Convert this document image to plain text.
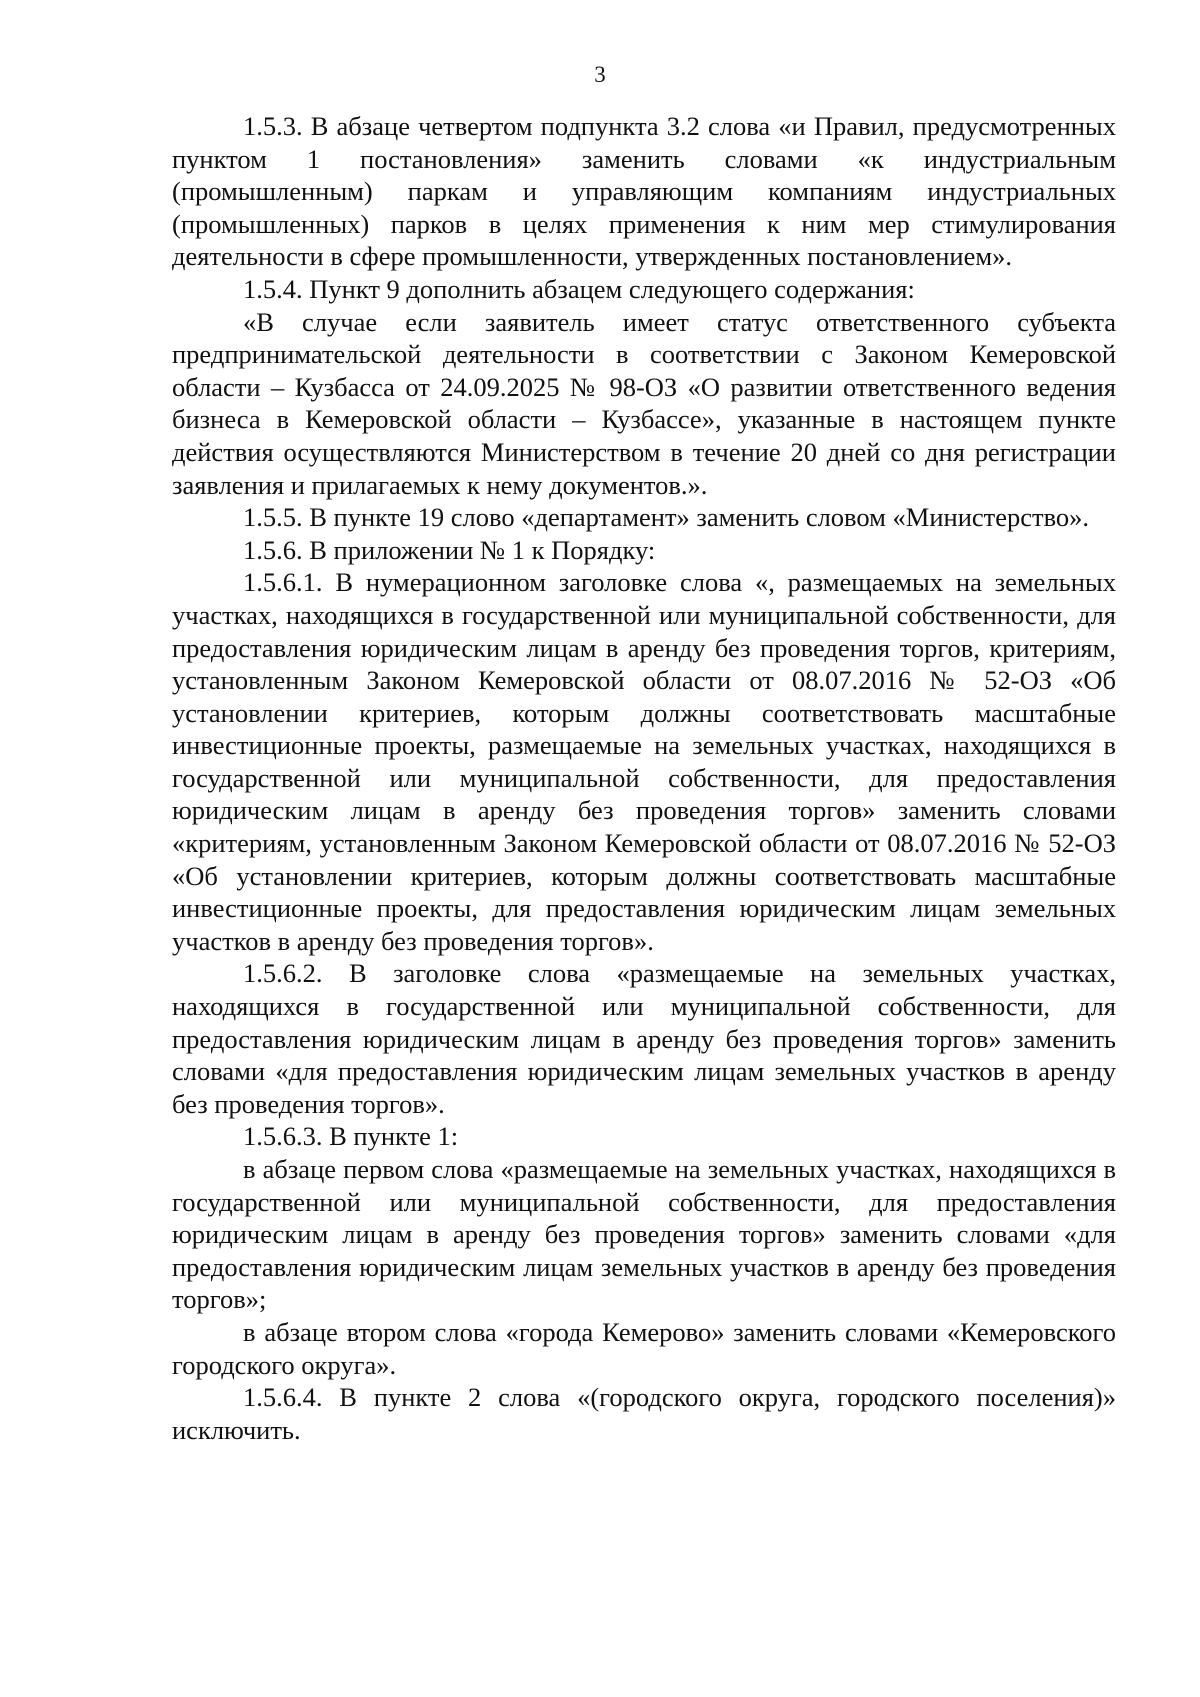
3

1.5.3. В абзаце четвертом подпункта 3.2 слова «и Правил, предусмотренных пунктом 1 постановления» заменить словами «к индустриальным (промышленным) паркам и управляющим компаниям индустриальных (промышленных) парков в целях применения к ним мер стимулирования деятельности в сфере промышленности, утвержденных постановлением».

1.5.4. Пункт 9 дополнить абзацем следующего содержания:

«В случае если заявитель имеет статус ответственного субъекта предпринимательской деятельности в соответствии с Законом Кемеровской области – Кузбасса от 24.09.2025 № 98-ОЗ «О развитии ответственного ведения бизнеса в Кемеровской области – Кузбассе», указанные в настоящем пункте действия осуществляются Министерством в течение 20 дней со дня регистрации заявления и прилагаемых к нему документов.».

1.5.5. В пункте 19 слово «департамент» заменить словом «Министерство».

1.5.6. В приложении № 1 к Порядку:

1.5.6.1. В нумерационном заголовке слова «, размещаемых на земельных участках, находящихся в государственной или муниципальной собственности, для предоставления юридическим лицам в аренду без проведения торгов, критериям, установленным Законом Кемеровской области от 08.07.2016 № 52-ОЗ «Об установлении критериев, которым должны соответствовать масштабные инвестиционные проекты, размещаемые на земельных участках, находящихся в государственной или муниципальной собственности, для предоставления юридическим лицам в аренду без проведения торгов» заменить словами «критериям, установленным Законом Кемеровской области от 08.07.2016 № 52-ОЗ «Об установлении критериев, которым должны соответствовать масштабные инвестиционные проекты, для предоставления юридическим лицам земельных участков в аренду без проведения торгов».

1.5.6.2. В заголовке слова «размещаемые на земельных участках, находящихся в государственной или муниципальной собственности, для предоставления юридическим лицам в аренду без проведения торгов» заменить словами «для предоставления юридическим лицам земельных участков в аренду без проведения торгов».

1.5.6.3. В пункте 1:

в абзаце первом слова «размещаемые на земельных участках, находящихся в государственной или муниципальной собственности, для предоставления юридическим лицам в аренду без проведения торгов» заменить словами «для предоставления юридическим лицам земельных участков в аренду без проведения торгов»;

в абзаце втором слова «города Кемерово» заменить словами «Кемеровского городского округа».

1.5.6.4. В пункте 2 слова «(городского округа, городского поселения)» исключить.
